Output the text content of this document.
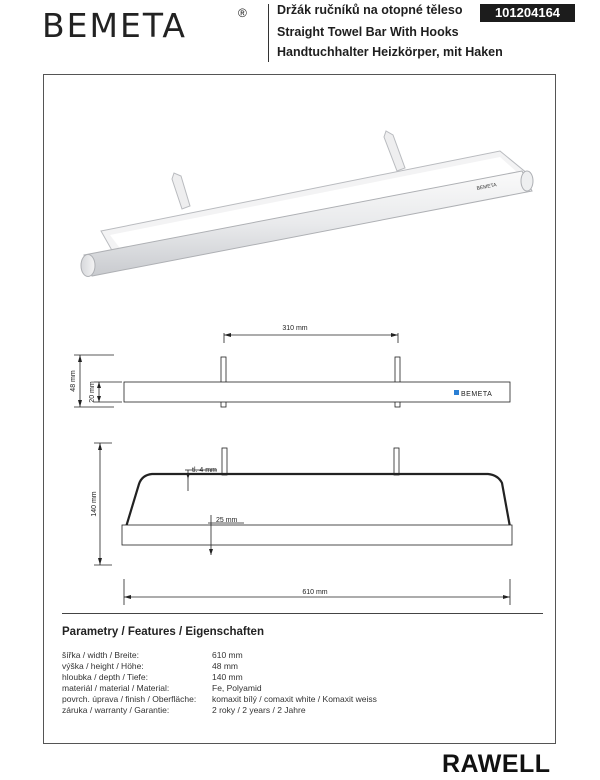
BEMETA	® Držák ručníků na otopné těleso
Straight Towel Bar With Hooks
Handtuchhalter Heizkörper, mit Haken
101204164
BEMETA
310 mm
48 mm
20 mm
140 mm
tl. 4 mm
25 mm
610 mm
BEMETA
Parametry / Features / Eigenschaften
šířka / width / Breite:	610 mm
výška / height / Höhe:	48 mm
hloubka / depth / Tiefe:	140 mm
materiál / material / Material:	Fe, Polyamid
povrch. úprava / finish / Oberfläche: komaxit bílý / comaxit white / Komaxit weiss
záruka / warranty / Garantie:	2 roky / 2 years / 2 Jahre
RAWELL
